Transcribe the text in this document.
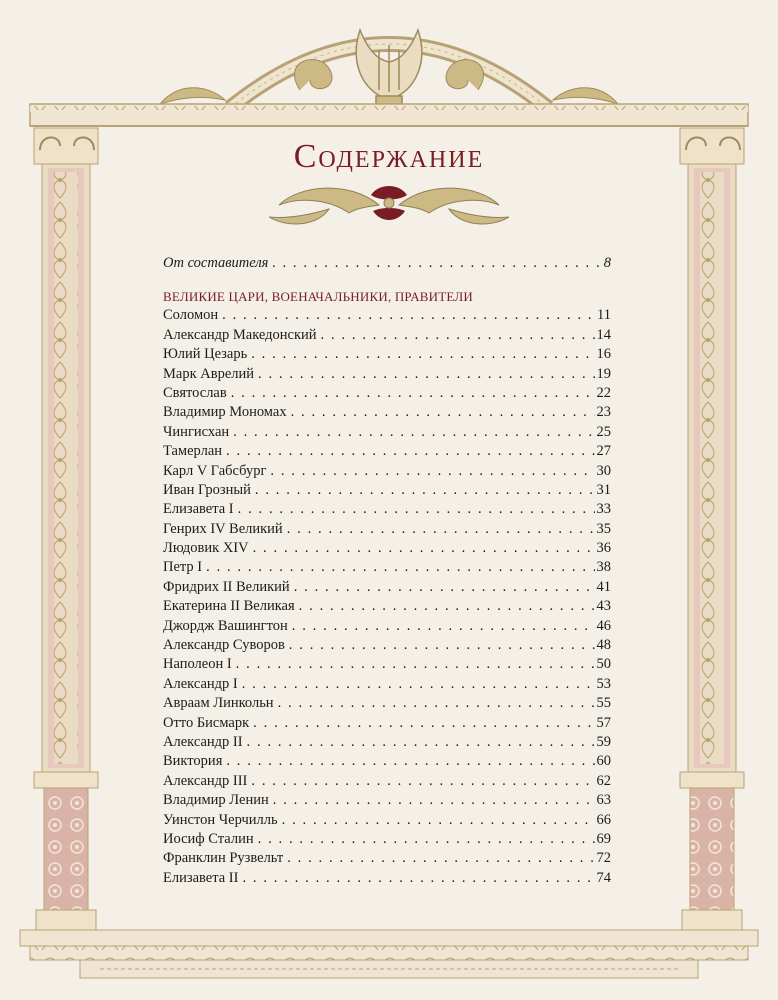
Содержание
От составителя . . .	8
ВЕЛИКИЕ ЦАРИ, ВОЕНАЧАЛЬНИКИ, ПРАВИТЕЛИ
Соломон . . .	11
Александр Македонский . . .	14
Юлий Цезарь . . .	16
Марк Аврелий . . .	19
Святослав . . .	22
Владимир Мономах . . .	23
Чингисхан . . .	25
Тамерлан . . .	27
Карл V Габсбург . . .	30
Иван Грозный . . .	31
Елизавета I . . .	33
Генрих IV Великий . . .	35
Людовик XIV . . .	36
Петр I . . .	38
Фридрих II Великий . . .	41
Екатерина II Великая . . .	43
Джордж Вашингтон . . .	46
Александр Суворов . . .	48
Наполеон I . . .	50
Александр I . . .	53
Авраам Линкольн . . .	55
Отто Бисмарк . . .	57
Александр II . . .	59
Виктория . . .	60
Александр III . . .	62
Владимир Ленин . . .	63
Уинстон Черчилль . . .	66
Иосиф Сталин . . .	69
Франклин Рузвельт . . .	72
Елизавета II . . .	74
